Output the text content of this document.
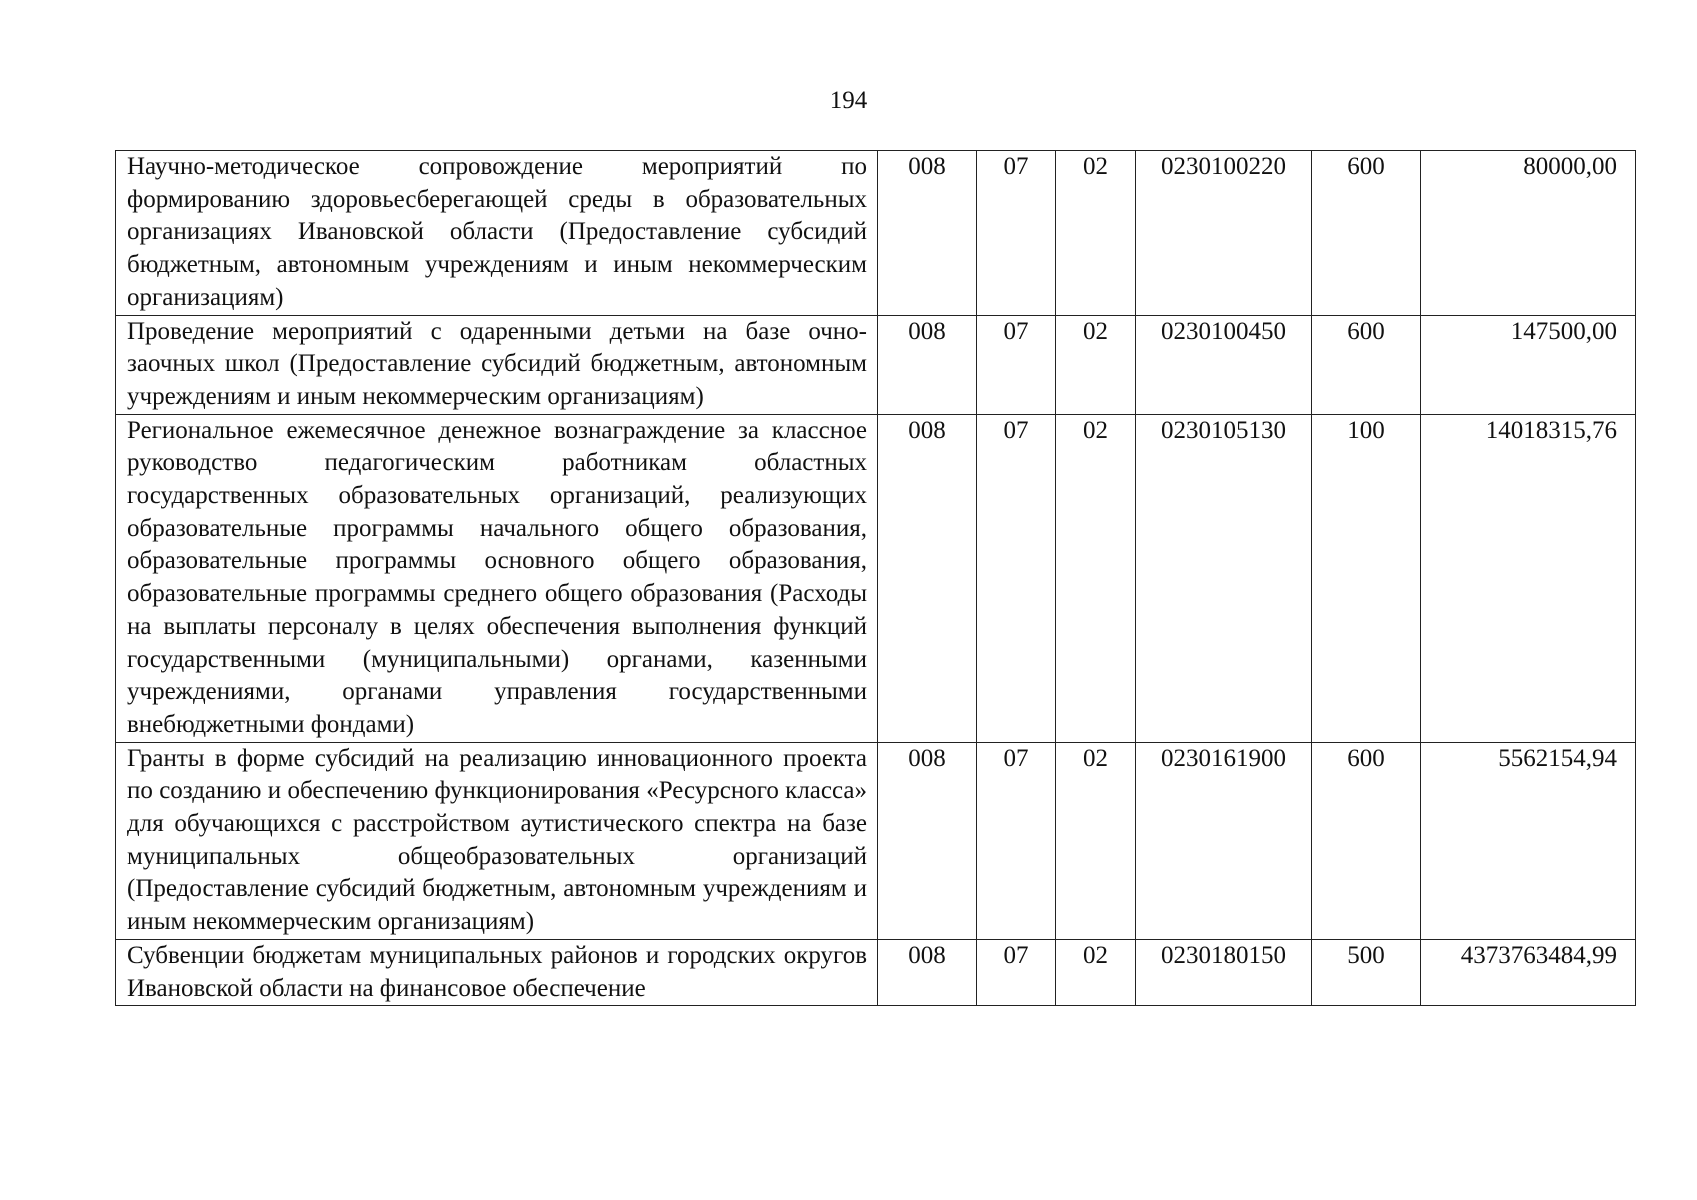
194
Научно-методическое сопровождение мероприятий по формированию здоровьесберегающей среды в образовательных организациях Ивановской области (Предоставление субсидий бюджетным, автономным учреждениям и иным некоммерческим организациям)	008	07	02	0230100220	600	80000,00
Проведение мероприятий с одаренными детьми на базе очно-заочных школ (Предоставление субсидий бюджетным, автономным учреждениям и иным некоммерческим организациям)	008	07	02	0230100450	600	147500,00
Региональное ежемесячное денежное вознаграждение за классное руководство педагогическим работникам областных государственных образовательных организаций, реализующих образовательные программы начального общего образования, образовательные программы основного общего образования, образовательные программы среднего общего образования (Расходы на выплаты персоналу в целях обеспечения выполнения функций государственными (муниципальными) органами, казенными учреждениями, органами управления государственными внебюджетными фондами)	008	07	02	0230105130	100	14018315,76
Гранты в форме субсидий на реализацию инновационного проекта по созданию и обеспечению функционирования «Ресурсного класса» для обучающихся с расстройством аутистического спектра на базе муниципальных общеобразовательных организаций (Предоставление субсидий бюджетным, автономным учреждениям и иным некоммерческим организациям)	008	07	02	0230161900	600	5562154,94
Субвенции бюджетам муниципальных районов и городских округов Ивановской области на финансовое обеспечение	008	07	02	0230180150	500	4373763484,99
